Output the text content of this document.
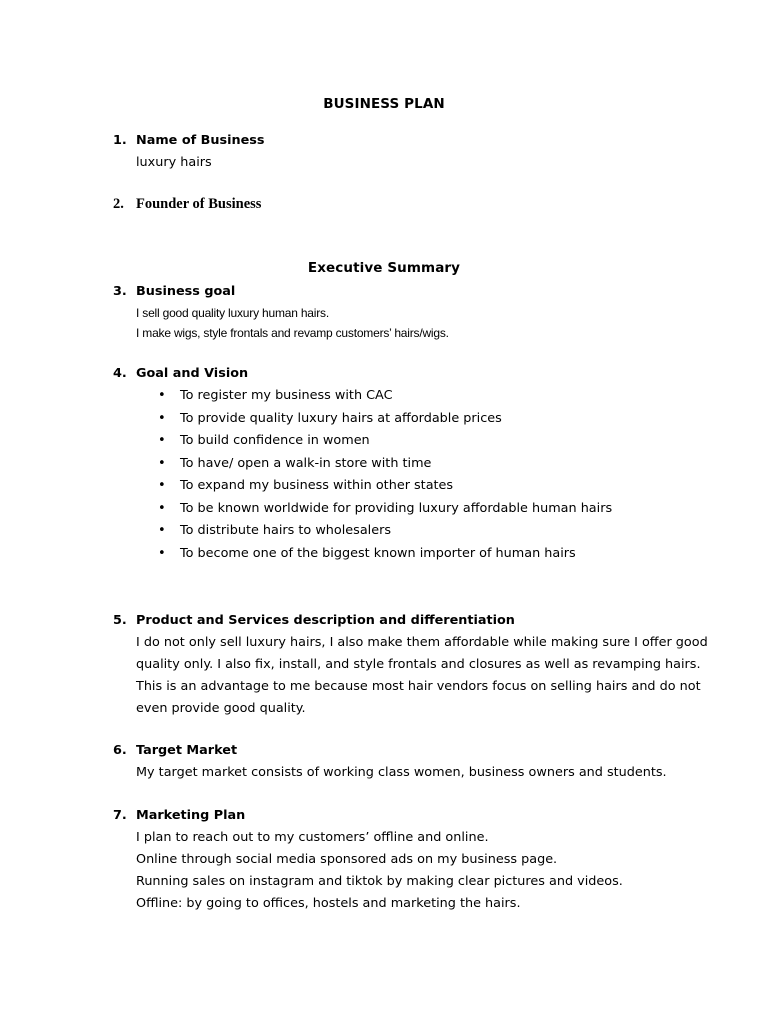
BUSINESS PLAN
1. Name of Business
luxury hairs
2. Founder of Business
Executive Summary
3. Business goal
I sell good quality luxury human hairs.
I make wigs, style frontals and revamp customers’ hairs/wigs.
4. Goal and Vision
• To register my business with CAC
• To provide quality luxury hairs at affordable prices
• To build confidence in women
• To have/ open a walk-in store with time
• To expand my business within other states
• To be known worldwide for providing luxury affordable human hairs
• To distribute hairs to wholesalers
• To become one of the biggest known importer of human hairs
5. Product and Services description and differentiation
I do not only sell luxury hairs, I also make them affordable while making sure I offer good
quality only. I also fix, install, and style frontals and closures as well as revamping hairs.
This is an advantage to me because most hair vendors focus on selling hairs and do not
even provide good quality.
6. Target Market
My target market consists of working class women, business owners and students.
7. Marketing Plan
I plan to reach out to my customers’ offline and online.
Online through social media sponsored ads on my business page.
Running sales on instagram and tiktok by making clear pictures and videos.
Offline: by going to offices, hostels and marketing the hairs.
